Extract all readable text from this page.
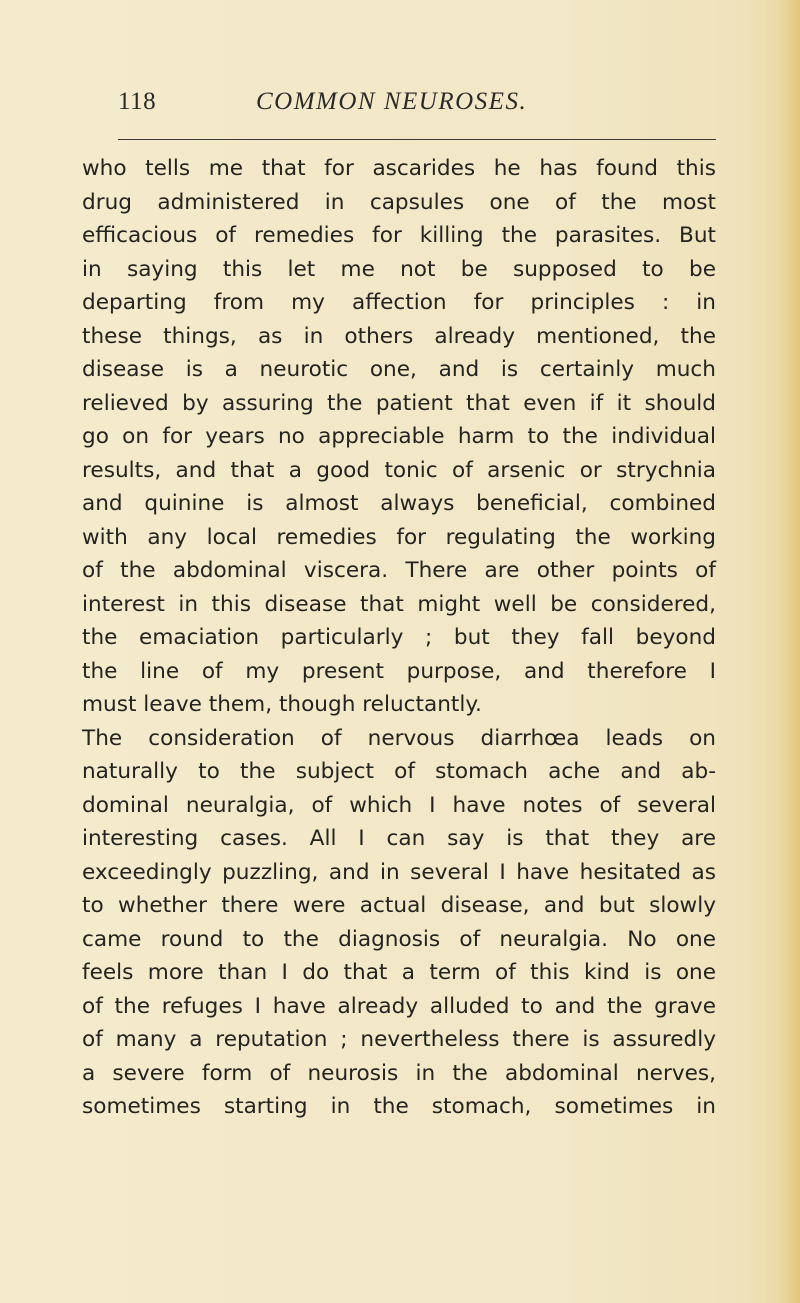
118	COMMON NEUROSES.
who tells me that for ascarides he has found this
drug administered in capsules one of the most
efficacious of remedies for killing the parasites. But
in saying this let me not be supposed to be
departing from my affection for principles : in
these things, as in others already mentioned, the
disease is a neurotic one, and is certainly much
relieved by assuring the patient that even if it should
go on for years no appreciable harm to the individual
results, and that a good tonic of arsenic or strychnia
and quinine is almost always beneficial, combined
with any local remedies for regulating the working
of the abdominal viscera. There are other points of
interest in this disease that might well be considered,
the emaciation particularly ; but they fall beyond
the line of my present purpose, and therefore I
must leave them, though reluctantly.
The consideration of nervous diarrhœa leads on
naturally to the subject of stomach ache and ab-
dominal neuralgia, of which I have notes of several
interesting cases. All I can say is that they are
exceedingly puzzling, and in several I have hesitated as
to whether there were actual disease, and but slowly
came round to the diagnosis of neuralgia. No one
feels more than I do that a term of this kind is one
of the refuges I have already alluded to and the grave
of many a reputation ; nevertheless there is assuredly
a severe form of neurosis in the abdominal nerves,
sometimes starting in the stomach, sometimes in
